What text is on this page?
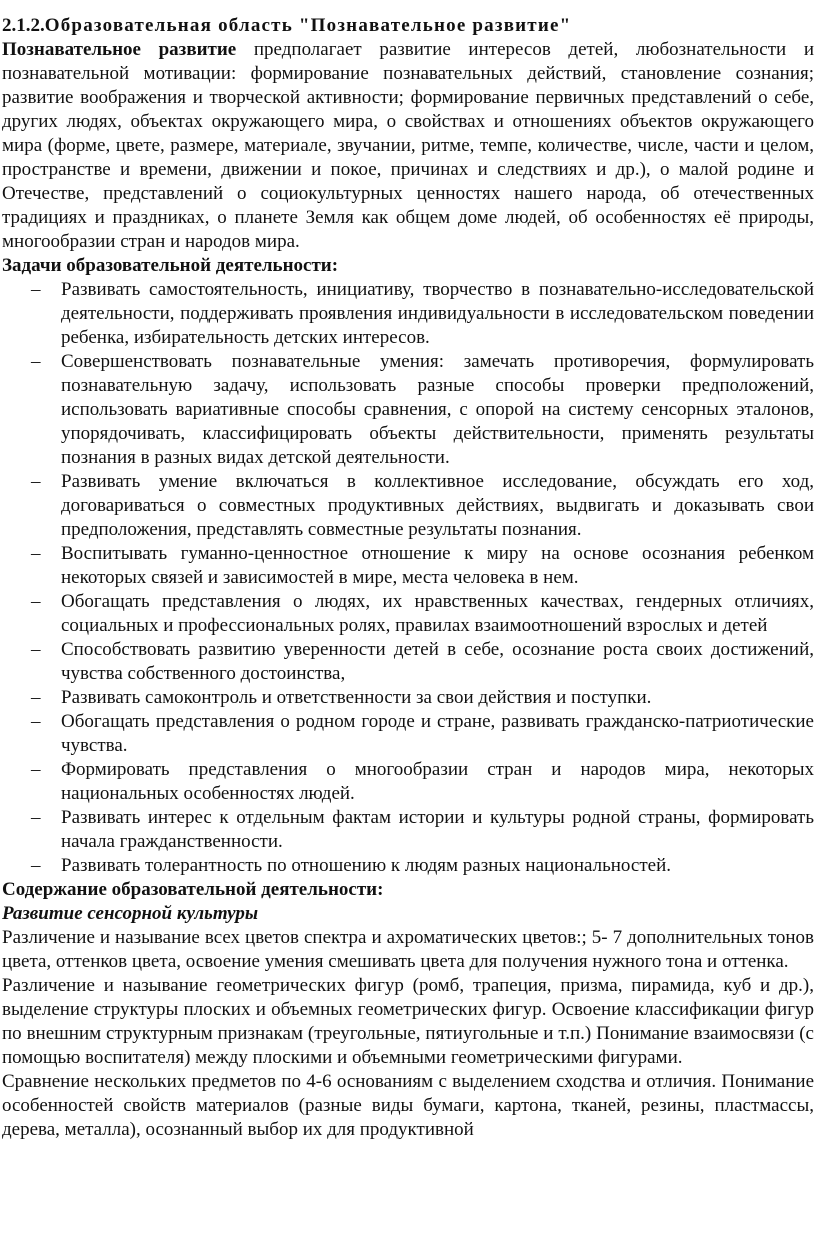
2.1.2.Образовательная область "Познавательное развитие"

Познавательное развитие предполагает развитие интересов детей, любознательности и познавательной мотивации: формирование познавательных действий, становление сознания; развитие воображения и творческой активности; формирование первичных представлений о себе, других людях, объектах окружающего мира, о свойствах и отношениях объектов окружающего мира (форме, цвете, размере, материале, звучании, ритме, темпе, количестве, числе, части и целом, пространстве и времени, движении и покое, причинах и следствиях и др.), о малой родине и Отечестве, представлений о социокультурных ценностях нашего народа, об отечественных традициях и праздниках, о планете Земля как общем доме людей, об особенностях её природы, многообразии стран и народов мира.

Задачи образовательной деятельности:

– Развивать самостоятельность, инициативу, творчество в познавательно-исследовательской деятельности, поддерживать проявления индивидуальности в исследовательском поведении ребенка, избирательность детских интересов.
– Совершенствовать познавательные умения: замечать противоречия, формулировать познавательную задачу, использовать разные способы проверки предположений, использовать вариативные способы сравнения, с опорой на систему сенсорных эталонов, упорядочивать, классифицировать объекты действительности, применять результаты познания в разных видах детской деятельности.
– Развивать умение включаться в коллективное исследование, обсуждать его ход, договариваться о совместных продуктивных действиях, выдвигать и доказывать свои предположения, представлять совместные результаты познания.
– Воспитывать гуманно-ценностное отношение к миру на основе осознания ребенком некоторых связей и зависимостей в мире, места человека в нем.
– Обогащать представления о людях, их нравственных качествах, гендерных отличиях, социальных и профессиональных ролях, правилах взаимоотношений взрослых и детей
– Способствовать развитию уверенности детей в себе, осознание роста своих достижений, чувства собственного достоинства,
– Развивать самоконтроль и ответственности за свои действия и поступки.
– Обогащать представления о родном городе и стране, развивать гражданско-патриотические чувства.
– Формировать представления о многообразии стран и народов мира, некоторых национальных особенностях людей.
– Развивать интерес к отдельным фактам истории и культуры родной страны, формировать начала гражданственности.
– Развивать толерантность по отношению к людям разных национальностей.

Содержание образовательной деятельности:

Развитие сенсорной культуры

Различение и называние всех цветов спектра и ахроматических цветов:; 5- 7 дополнительных тонов цвета, оттенков цвета, освоение умения смешивать цвета для получения нужного тона и оттенка.

Различение и называние геометрических фигур (ромб, трапеция, призма, пирамида, куб и др.), выделение структуры плоских и объемных геометрических фигур. Освоение классификации фигур по внешним структурным признакам (треугольные, пятиугольные и т.п.) Понимание взаимосвязи (с помощью воспитателя) между плоскими и объемными геометрическими фигурами.

Сравнение нескольких предметов по 4-6 основаниям с выделением сходства и отличия. Понимание особенностей свойств материалов (разные виды бумаги, картона, тканей, резины, пластмассы, дерева, металла), осознанный выбор их для продуктивной
